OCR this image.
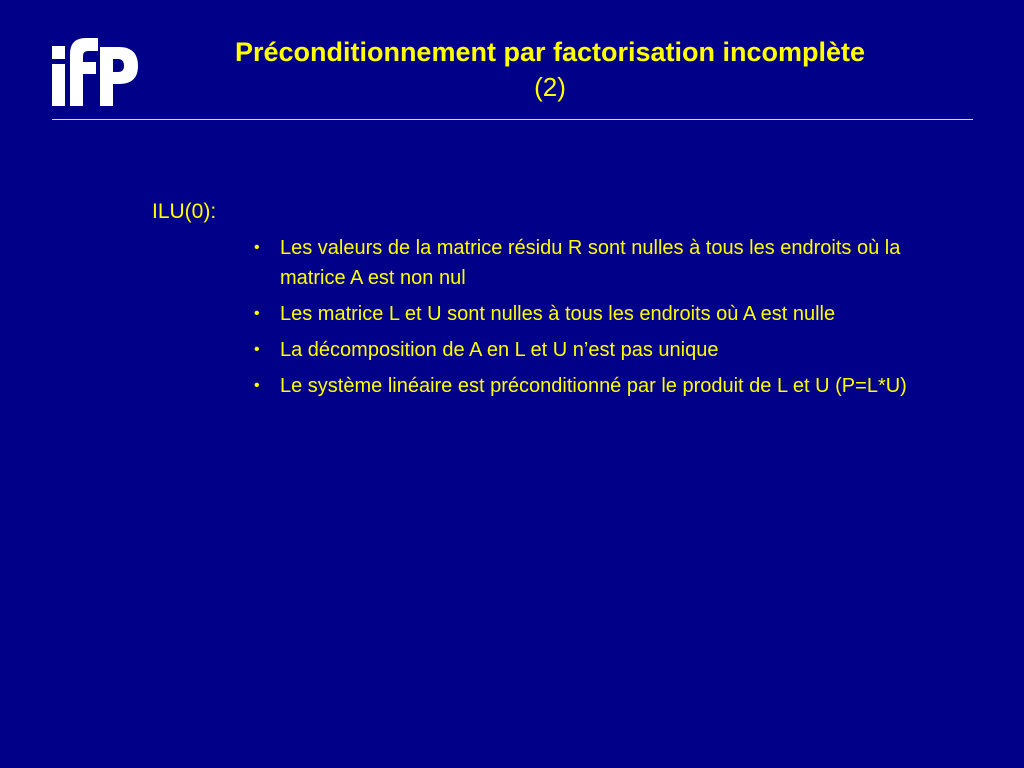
Préconditionnement par factorisation incomplète
(2)
ILU(0):
• Les valeurs de la matrice résidu R sont nulles à tous les endroits où la matrice A est non nul
• Les matrice L et U sont nulles à tous les endroits où A est nulle
• La décomposition de A en L et U n’est pas unique
• Le système linéaire est préconditionné par le produit de L et U (P=L*U)
